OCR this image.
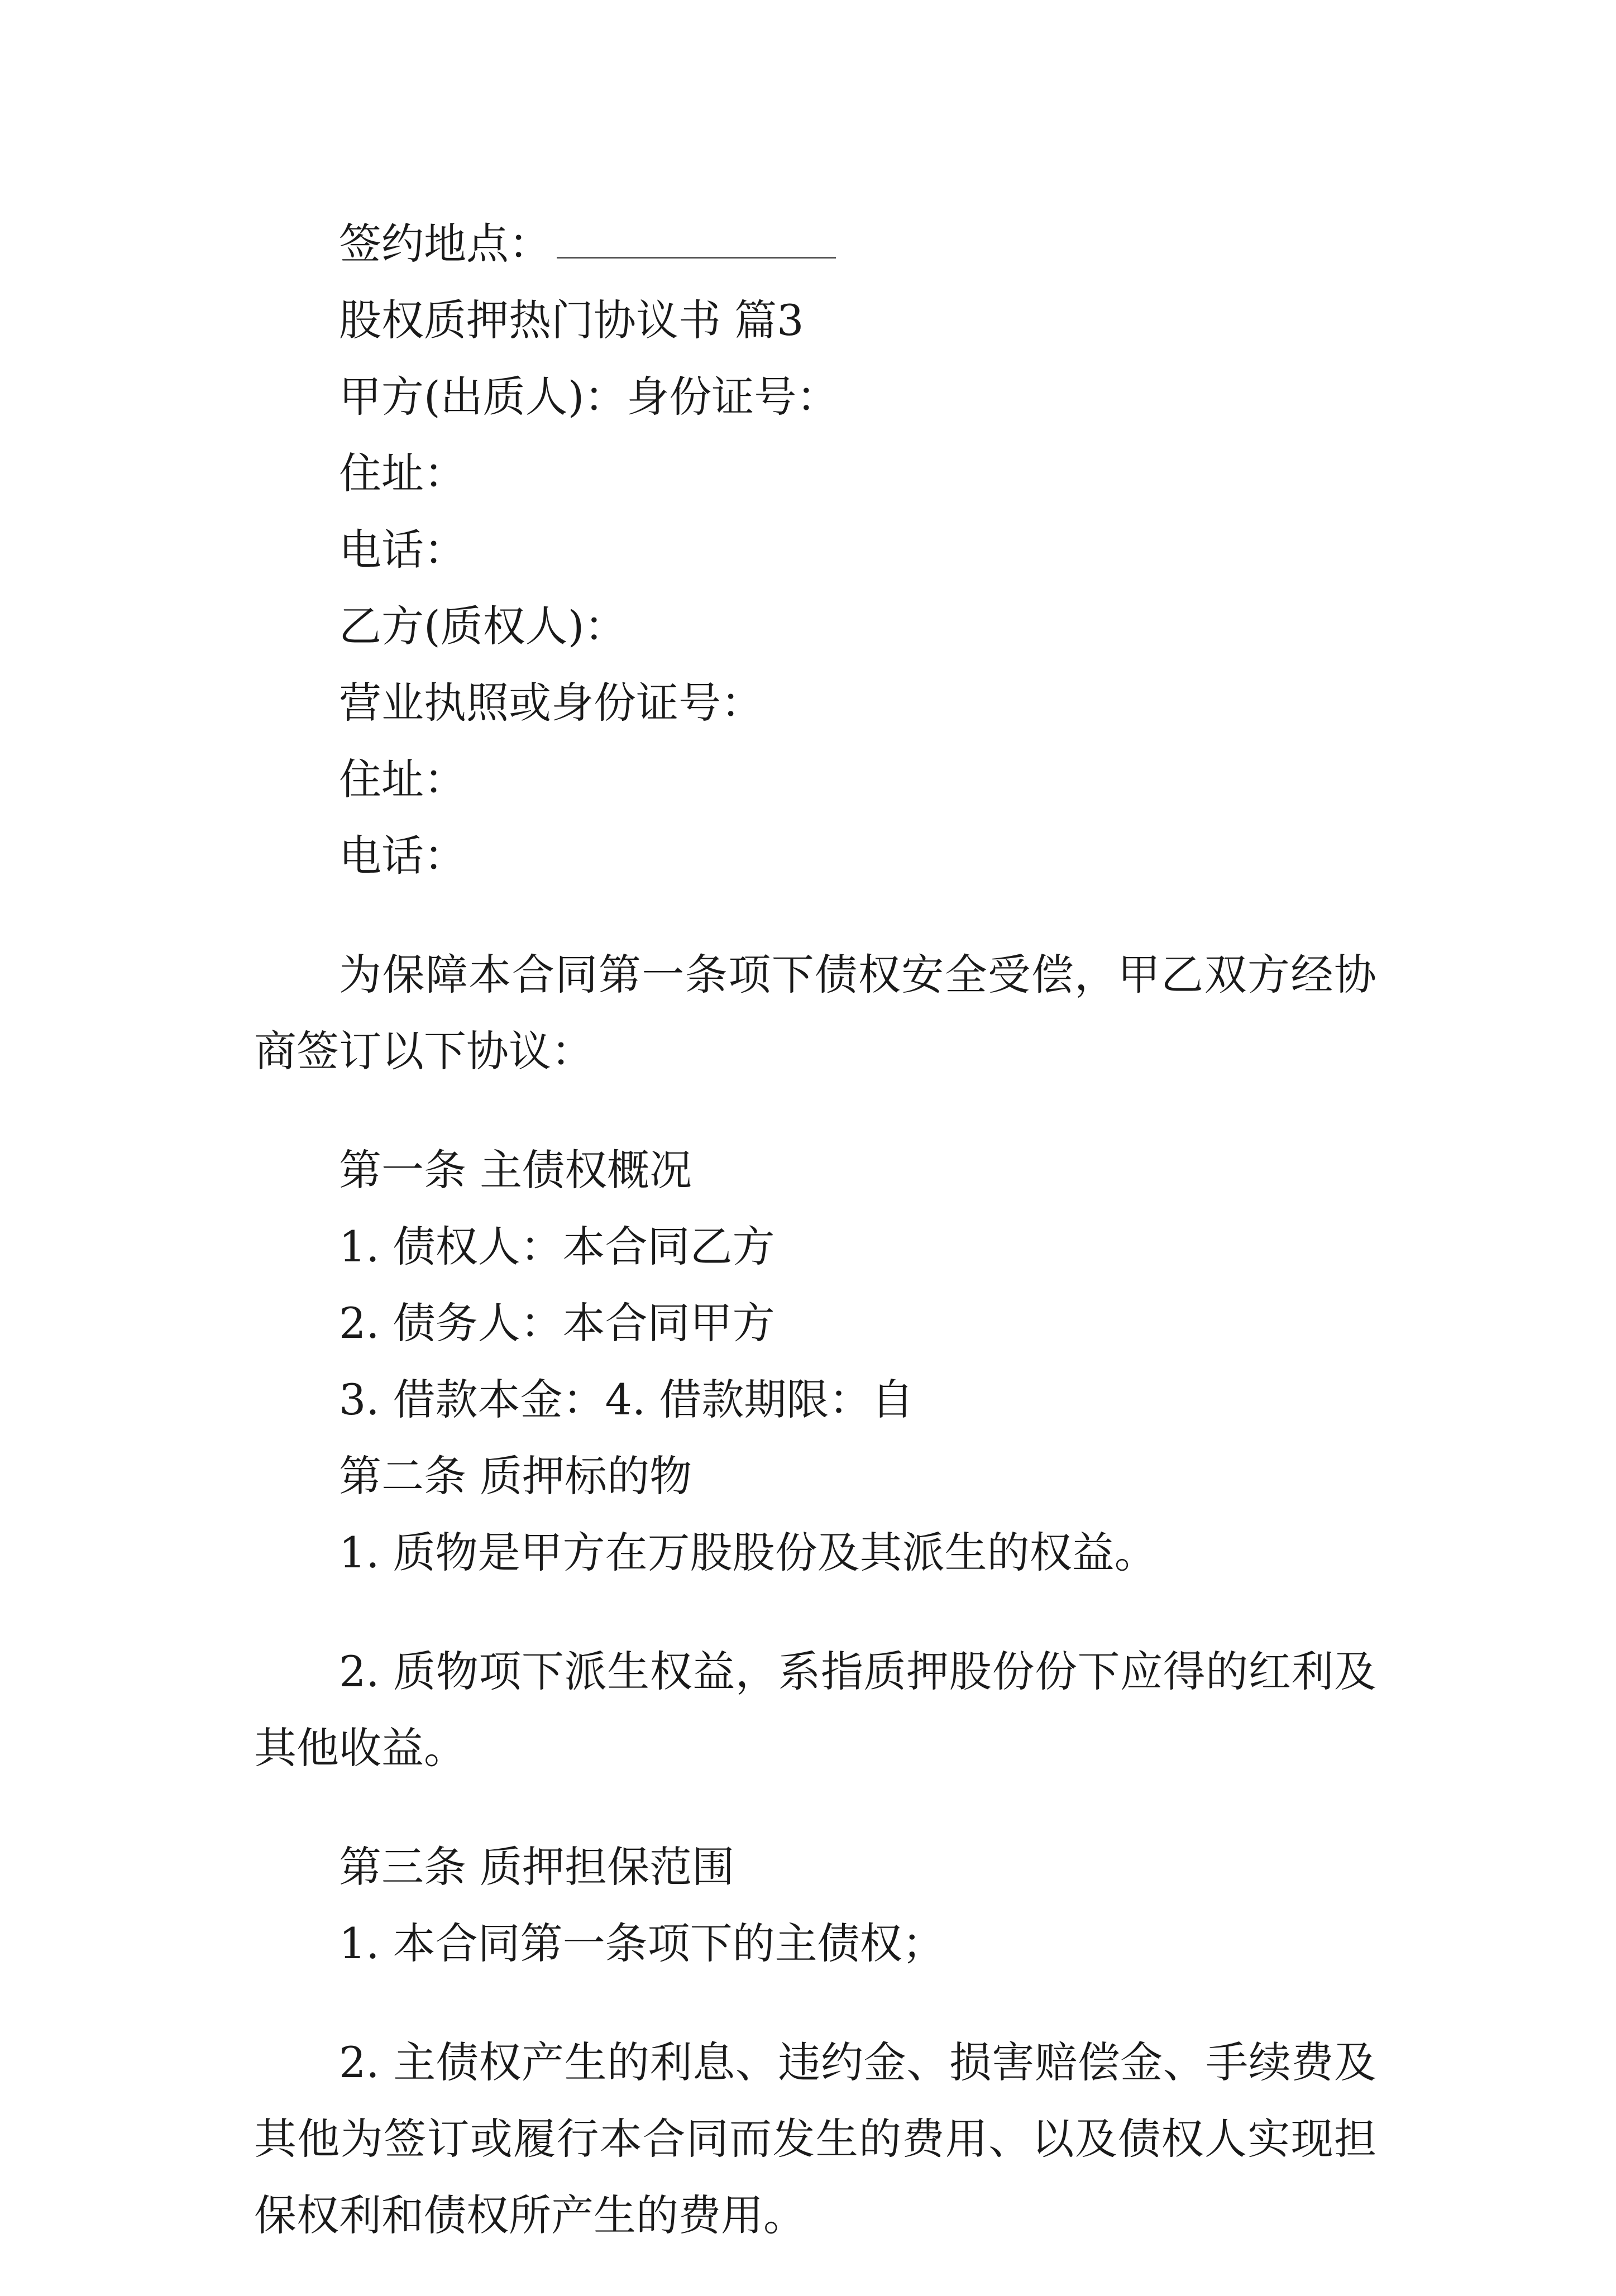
签约地点：

股权质押热门协议书 篇3

甲方(出质人)：身份证号：

住址：

电话：

乙方(质权人)：

营业执照或身份证号：

住址：

电话：

为保障本合同第一条项下债权安全受偿，甲乙双方经协商签订以下协议：

第一条 主债权概况

1. 债权人：本合同乙方

2. 债务人：本合同甲方

3. 借款本金：4. 借款期限：自

第二条 质押标的物

1. 质物是甲方在万股股份及其派生的权益。

2. 质物项下派生权益，系指质押股份份下应得的红利及其他收益。

第三条 质押担保范围

1. 本合同第一条项下的主债权；

2. 主债权产生的利息、违约金、损害赔偿金、手续费及其他为签订或履行本合同而发生的费用、以及债权人实现担保权利和债权所产生的费用。
